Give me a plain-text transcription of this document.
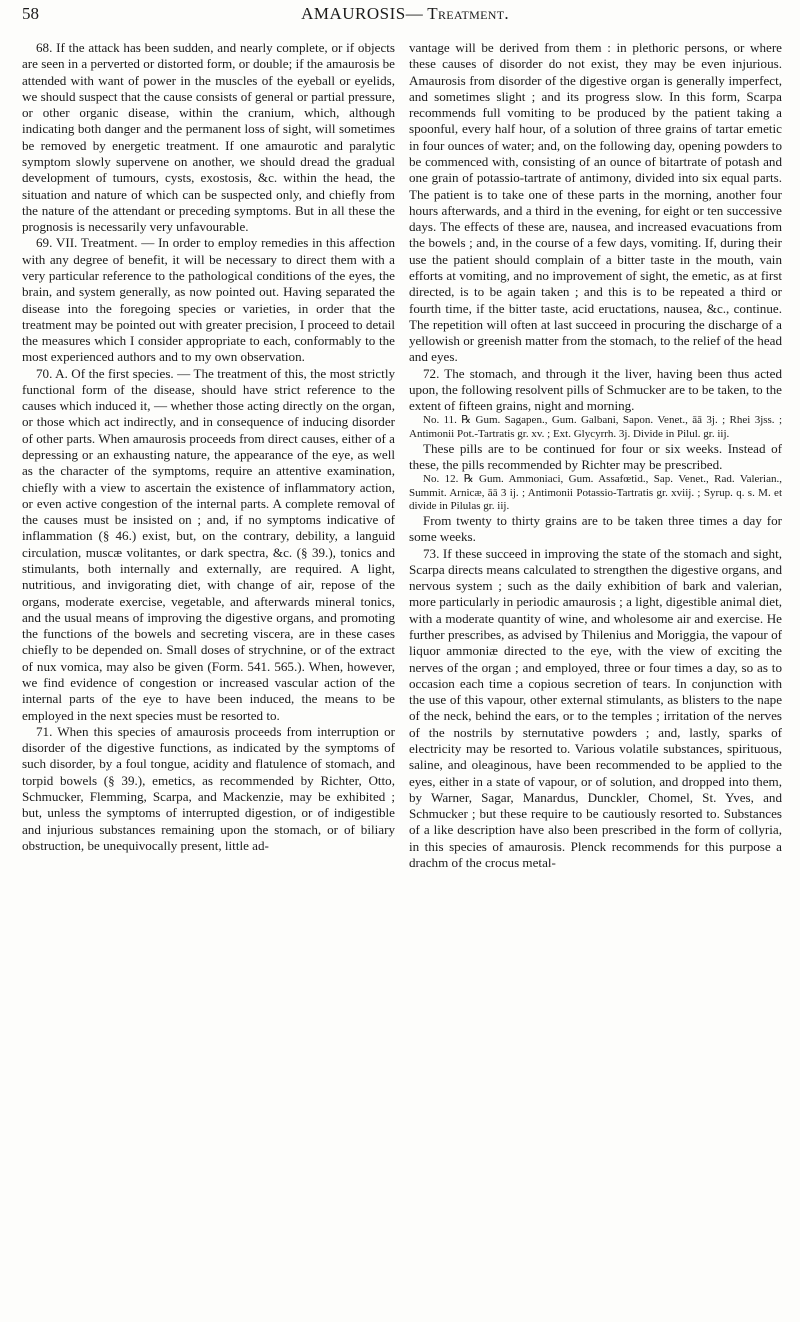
58	AMAUROSIS— Treatment.

68. If the attack has been sudden, and nearly complete, or if objects are seen in a perverted or distorted form, or double; if the amaurosis be attended with want of power in the muscles of the eyeball or eyelids, we should suspect that the cause consists of general or partial pressure, or other organic disease, within the cranium, which, although indicating both danger and the permanent loss of sight, will sometimes be removed by energetic treatment. If one amaurotic and paralytic symptom slowly supervene on another, we should dread the gradual development of tumours, cysts, exostosis, &c. within the head, the situation and nature of which can be suspected only, and chiefly from the nature of the attendant or preceding symptoms. But in all these the prognosis is necessarily very unfavourable.

69. VII. Treatment. — In order to employ remedies in this affection with any degree of benefit, it will be necessary to direct them with a very particular reference to the pathological conditions of the eyes, the brain, and system generally, as now pointed out. Having separated the disease into the foregoing species or varieties, in order that the treatment may be pointed out with greater precision, I proceed to detail the measures which I consider appropriate to each, conformably to the most experienced authors and to my own observation.

70. A. Of the first species. — The treatment of this, the most strictly functional form of the disease, should have strict reference to the causes which induced it, — whether those acting directly on the organ, or those which act indirectly, and in consequence of inducing disorder of other parts. When amaurosis proceeds from direct causes, either of a depressing or an exhausting nature, the appearance of the eye, as well as the character of the symptoms, require an attentive examination, chiefly with a view to ascertain the existence of inflammatory action, or even active congestion of the internal parts. A complete removal of the causes must be insisted on ; and, if no symptoms indicative of inflammation (§ 46.) exist, but, on the contrary, debility, a languid circulation, muscæ volitantes, or dark spectra, &c. (§ 39.), tonics and stimulants, both internally and externally, are required. A light, nutritious, and invigorating diet, with change of air, repose of the organs, moderate exercise, vegetable, and afterwards mineral tonics, and the usual means of improving the digestive organs, and promoting the functions of the bowels and secreting viscera, are in these cases chiefly to be depended on. Small doses of strychnine, or of the extract of nux vomica, may also be given (Form. 541. 565.). When, however, we find evidence of congestion or increased vascular action of the internal parts of the eye to have been induced, the means to be employed in the next species must be resorted to.

71. When this species of amaurosis proceeds from interruption or disorder of the digestive functions, as indicated by the symptoms of such disorder, by a foul tongue, acidity and flatulence of stomach, and torpid bowels (§ 39.), emetics, as recommended by Richter, Otto, Schmucker, Flemming, Scarpa, and Mackenzie, may be exhibited ; but, unless the symptoms of interrupted digestion, or of indigestible and injurious substances remaining upon the stomach, or of biliary obstruction, be unequivocally present, little ad-

vantage will be derived from them : in plethoric persons, or where these causes of disorder do not exist, they may be even injurious. Amaurosis from disorder of the digestive organ is generally imperfect, and sometimes slight ; and its progress slow. In this form, Scarpa recommends full vomiting to be produced by the patient taking a spoonful, every half hour, of a solution of three grains of tartar emetic in four ounces of water; and, on the following day, opening powders to be commenced with, consisting of an ounce of bitartrate of potash and one grain of potassio-tartrate of antimony, divided into six equal parts. The patient is to take one of these parts in the morning, another four hours afterwards, and a third in the evening, for eight or ten successive days. The effects of these are, nausea, and increased evacuations from the bowels ; and, in the course of a few days, vomiting. If, during their use the patient should complain of a bitter taste in the mouth, vain efforts at vomiting, and no improvement of sight, the emetic, as at first directed, is to be again taken ; and this is to be repeated a third or fourth time, if the bitter taste, acid eructations, nausea, &c., continue. The repetition will often at last succeed in procuring the discharge of a yellowish or greenish matter from the stomach, to the relief of the head and eyes.

72. The stomach, and through it the liver, having been thus acted upon, the following resolvent pills of Schmucker are to be taken, to the extent of fifteen grains, night and morning.

No. 11. ℞ Gum. Sagapen., Gum. Galbani, Sapon. Venet., āā 3j. ; Rhei 3jss. ; Antimonii Pot.-Tartratis gr. xv. ; Ext. Glycyrrh. 3j. Divide in Pilul. gr. iij.

These pills are to be continued for four or six weeks. Instead of these, the pills recommended by Richter may be prescribed.

No. 12. ℞ Gum. Ammoniaci, Gum. Assafœtid., Sap. Venet., Rad. Valerian., Summit. Arnicæ, āā 3 ij. ; Antimonii Potassio-Tartratis gr. xviij. ; Syrup. q. s. M. et divide in Pilulas gr. iij.

From twenty to thirty grains are to be taken three times a day for some weeks.

73. If these succeed in improving the state of the stomach and sight, Scarpa directs means calculated to strengthen the digestive organs, and nervous system ; such as the daily exhibition of bark and valerian, more particularly in periodic amaurosis ; a light, digestible animal diet, with a moderate quantity of wine, and wholesome air and exercise. He further prescribes, as advised by Thilenius and Moriggia, the vapour of liquor ammoniæ directed to the eye, with the view of exciting the nerves of the organ ; and employed, three or four times a day, so as to occasion each time a copious secretion of tears. In conjunction with the use of this vapour, other external stimulants, as blisters to the nape of the neck, behind the ears, or to the temples ; irritation of the nerves of the nostrils by sternutative powders ; and, lastly, sparks of electricity may be resorted to. Various volatile substances, spirituous, saline, and oleaginous, have been recommended to be applied to the eyes, either in a state of vapour, or of solution, and dropped into them, by Warner, Sagar, Manardus, Dunckler, Chomel, St. Yves, and Schmucker ; but these require to be cautiously resorted to. Substances of a like description have also been prescribed in the form of collyria, in this species of amaurosis. Plenck recommends for this purpose a drachm of the crocus metal-
